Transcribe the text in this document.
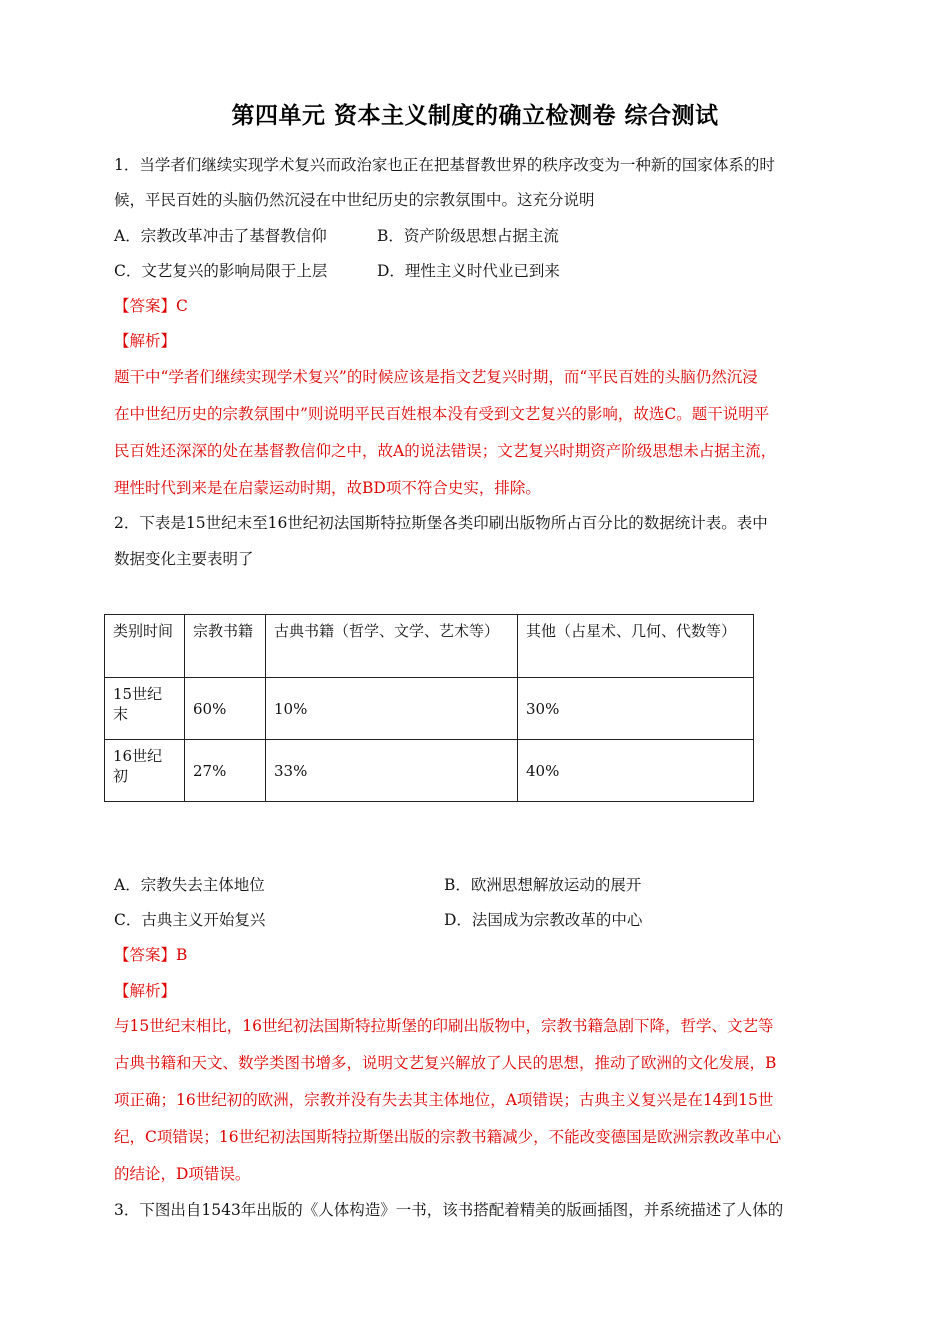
第四单元 资本主义制度的确立检测卷 综合测试
1．当学者们继续实现学术复兴而政治家也正在把基督教世界的秩序改变为一种新的国家体系的时
候，平民百姓的头脑仍然沉浸在中世纪历史的宗教氛围中。这充分说明
A．宗教改革冲击了基督教信仰	B．资产阶级思想占据主流
C．文艺复兴的影响局限于上层	D．理性主义时代业已到来
【答案】C
【解析】
题干中“学者们继续实现学术复兴”的时候应该是指文艺复兴时期，而“平民百姓的头脑仍然沉浸
在中世纪历史的宗教氛围中”则说明平民百姓根本没有受到文艺复兴的影响，故选C。题干说明平
民百姓还深深的处在基督教信仰之中，故A的说法错误；文艺复兴时期资产阶级思想未占据主流，
理性时代到来是在启蒙运动时期，故BD项不符合史实，排除。
2．下表是15世纪末至16世纪初法国斯特拉斯堡各类印刷出版物所占百分比的数据统计表。表中
数据变化主要表明了
类别时间	宗教书籍	古典书籍（哲学、文学、艺术等）	其他（占星术、几何、代数等）
15世纪末	60%	10%	30%
16世纪初	27%	33%	40%
A．宗教失去主体地位	B．欧洲思想解放运动的展开
C．古典主义开始复兴	D．法国成为宗教改革的中心
【答案】B
【解析】
与15世纪末相比，16世纪初法国斯特拉斯堡的印刷出版物中，宗教书籍急剧下降，哲学、文艺等
古典书籍和天文、数学类图书增多，说明文艺复兴解放了人民的思想，推动了欧洲的文化发展，B
项正确；16世纪初的欧洲，宗教并没有失去其主体地位，A项错误；古典主义复兴是在14到15世
纪，C项错误；16世纪初法国斯特拉斯堡出版的宗教书籍减少，不能改变德国是欧洲宗教改革中心
的结论，D项错误。
3．下图出自1543年出版的《人体构造》一书，该书搭配着精美的版画插图，并系统描述了人体的
